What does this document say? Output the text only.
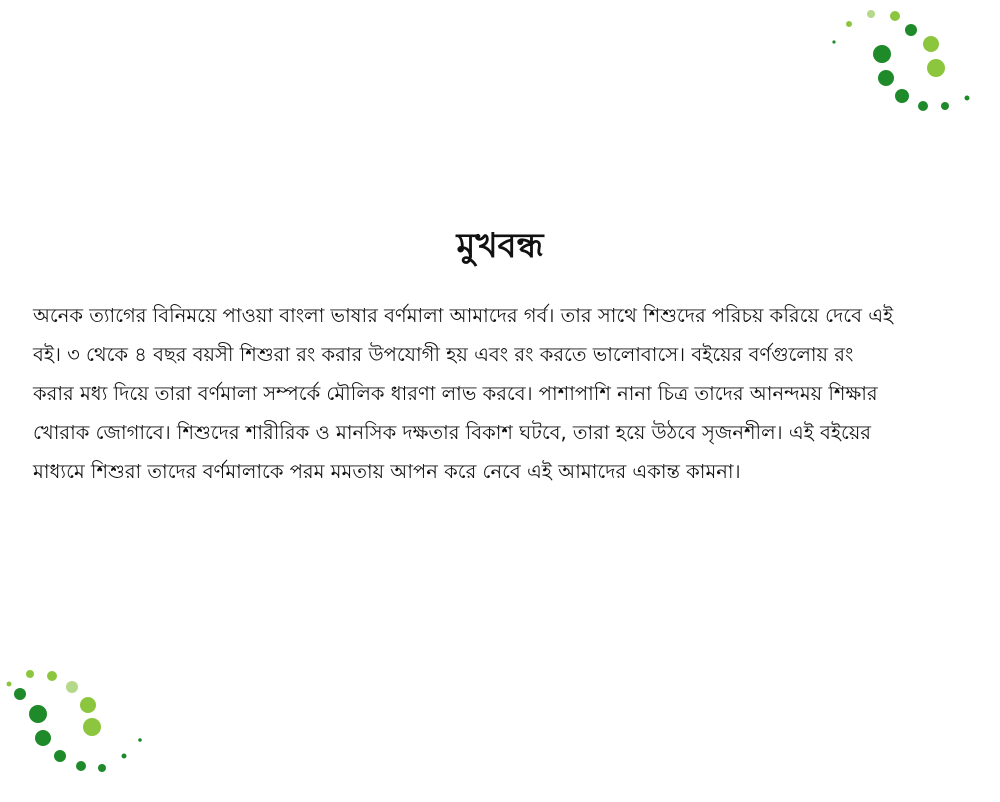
মুখবন্ধ
অনেক ত্যাগের বিনিময়ে পাওয়া বাংলা ভাষার বর্ণমালা আমাদের গর্ব। তার সাথে শিশুদের পরিচয় করিয়ে দেবে এই
বই। ৩ থেকে ৪ বছর বয়সী শিশুরা রং করার উপযোগী হয় এবং রং করতে ভালোবাসে। বইয়ের বর্ণগুলোয় রং
করার মধ্য দিয়ে তারা বর্ণমালা সম্পর্কে মৌলিক ধারণা লাভ করবে। পাশাপাশি নানা চিত্র তাদের আনন্দময় শিক্ষার
খোরাক জোগাবে। শিশুদের শারীরিক ও মানসিক দক্ষতার বিকাশ ঘটবে, তারা হয়ে উঠবে সৃজনশীল। এই বইয়ের
মাধ্যমে শিশুরা তাদের বর্ণমালাকে পরম মমতায় আপন করে নেবে এই আমাদের একান্ত কামনা।
